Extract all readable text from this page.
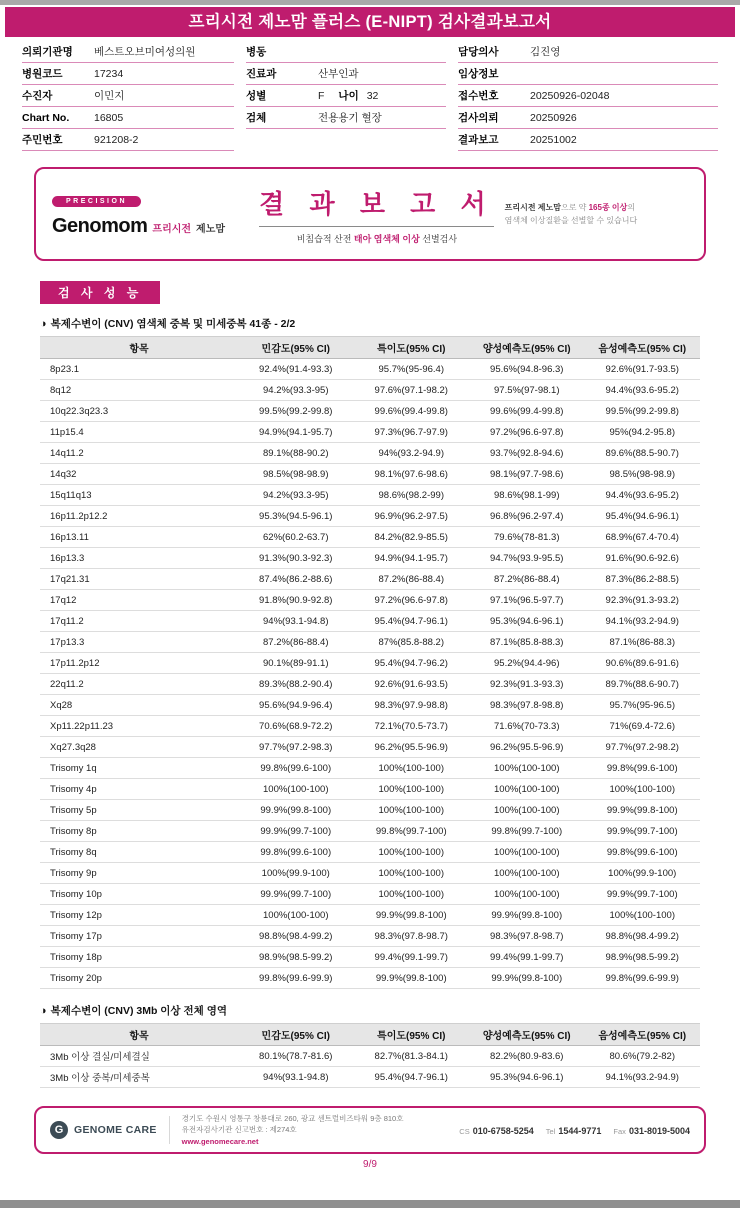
프리시전 제노맘 플러스 (E-NIPT) 검사결과보고서
의뢰기관명	베스트오브미여성의원
병원코드	17234
수진자	이민지
Chart No.	16805
주민번호	921208-2
병동
진료과	산부인과
성별	F 나이 32
검체	전용용기 혈장
담당의사	김진영
임상정보
접수번호	20250926-02048
검사의뢰	20250926
결과보고	20251002
PRECISION
Genomom 프리시전 제노맘
결 과 보 고 서
비침습적 산전 태아 염색체 이상 선별검사
프리시전 제노맘으로 약 165종 이상의
염색체 이상질환을 선별할 수 있습니다
검 사 성 능
◑ 복제수변이 (CNV) 염색체 중복 및 미세중복 41종 - 2/2
항목	민감도(95% CI)	특이도(95% CI)	양성예측도(95% CI)	음성예측도(95% CI)
8p23.1	92.4%(91.4-93.3)	95.7%(95-96.4)	95.6%(94.8-96.3)	92.6%(91.7-93.5)
8q12	94.2%(93.3-95)	97.6%(97.1-98.2)	97.5%(97-98.1)	94.4%(93.6-95.2)
10q22.3q23.3	99.5%(99.2-99.8)	99.6%(99.4-99.8)	99.6%(99.4-99.8)	99.5%(99.2-99.8)
11p15.4	94.9%(94.1-95.7)	97.3%(96.7-97.9)	97.2%(96.6-97.8)	95%(94.2-95.8)
14q11.2	89.1%(88-90.2)	94%(93.2-94.9)	93.7%(92.8-94.6)	89.6%(88.5-90.7)
14q32	98.5%(98-98.9)	98.1%(97.6-98.6)	98.1%(97.7-98.6)	98.5%(98-98.9)
15q11q13	94.2%(93.3-95)	98.6%(98.2-99)	98.6%(98.1-99)	94.4%(93.6-95.2)
16p11.2p12.2	95.3%(94.5-96.1)	96.9%(96.2-97.5)	96.8%(96.2-97.4)	95.4%(94.6-96.1)
16p13.11	62%(60.2-63.7)	84.2%(82.9-85.5)	79.6%(78-81.3)	68.9%(67.4-70.4)
16p13.3	91.3%(90.3-92.3)	94.9%(94.1-95.7)	94.7%(93.9-95.5)	91.6%(90.6-92.6)
17q21.31	87.4%(86.2-88.6)	87.2%(86-88.4)	87.2%(86-88.4)	87.3%(86.2-88.5)
17q12	91.8%(90.9-92.8)	97.2%(96.6-97.8)	97.1%(96.5-97.7)	92.3%(91.3-93.2)
17q11.2	94%(93.1-94.8)	95.4%(94.7-96.1)	95.3%(94.6-96.1)	94.1%(93.2-94.9)
17p13.3	87.2%(86-88.4)	87%(85.8-88.2)	87.1%(85.8-88.3)	87.1%(86-88.3)
17p11.2p12	90.1%(89-91.1)	95.4%(94.7-96.2)	95.2%(94.4-96)	90.6%(89.6-91.6)
22q11.2	89.3%(88.2-90.4)	92.6%(91.6-93.5)	92.3%(91.3-93.3)	89.7%(88.6-90.7)
Xq28	95.6%(94.9-96.4)	98.3%(97.9-98.8)	98.3%(97.8-98.8)	95.7%(95-96.5)
Xp11.22p11.23	70.6%(68.9-72.2)	72.1%(70.5-73.7)	71.6%(70-73.3)	71%(69.4-72.6)
Xq27.3q28	97.7%(97.2-98.3)	96.2%(95.5-96.9)	96.2%(95.5-96.9)	97.7%(97.2-98.2)
Trisomy 1q	99.8%(99.6-100)	100%(100-100)	100%(100-100)	99.8%(99.6-100)
Trisomy 4p	100%(100-100)	100%(100-100)	100%(100-100)	100%(100-100)
Trisomy 5p	99.9%(99.8-100)	100%(100-100)	100%(100-100)	99.9%(99.8-100)
Trisomy 8p	99.9%(99.7-100)	99.8%(99.7-100)	99.8%(99.7-100)	99.9%(99.7-100)
Trisomy 8q	99.8%(99.6-100)	100%(100-100)	100%(100-100)	99.8%(99.6-100)
Trisomy 9p	100%(99.9-100)	100%(100-100)	100%(100-100)	100%(99.9-100)
Trisomy 10p	99.9%(99.7-100)	100%(100-100)	100%(100-100)	99.9%(99.7-100)
Trisomy 12p	100%(100-100)	99.9%(99.8-100)	99.9%(99.8-100)	100%(100-100)
Trisomy 17p	98.8%(98.4-99.2)	98.3%(97.8-98.7)	98.3%(97.8-98.7)	98.8%(98.4-99.2)
Trisomy 18p	98.9%(98.5-99.2)	99.4%(99.1-99.7)	99.4%(99.1-99.7)	98.9%(98.5-99.2)
Trisomy 20p	99.8%(99.6-99.9)	99.9%(99.8-100)	99.9%(99.8-100)	99.8%(99.6-99.9)
◑ 복제수변이 (CNV) 3Mb 이상 전체 영역
항목	민감도(95% CI)	특이도(95% CI)	양성예측도(95% CI)	음성예측도(95% CI)
3Mb 이상 결실/미세결실	80.1%(78.7-81.6)	82.7%(81.3-84.1)	82.2%(80.9-83.6)	80.6%(79.2-82)
3Mb 이상 중복/미세중복	94%(93.1-94.8)	95.4%(94.7-96.1)	95.3%(94.6-96.1)	94.1%(93.2-94.9)
G	GENOME CARE
경기도 수원시 영통구 창룡대로 260, 광교 센트럴비즈타워 9층 810호
유전자검사기관 신고번호 : 제274호
www.genomecare.net
CS 010-6758-5254 Tel 1544-9771 Fax 031-8019-5004
9/9
